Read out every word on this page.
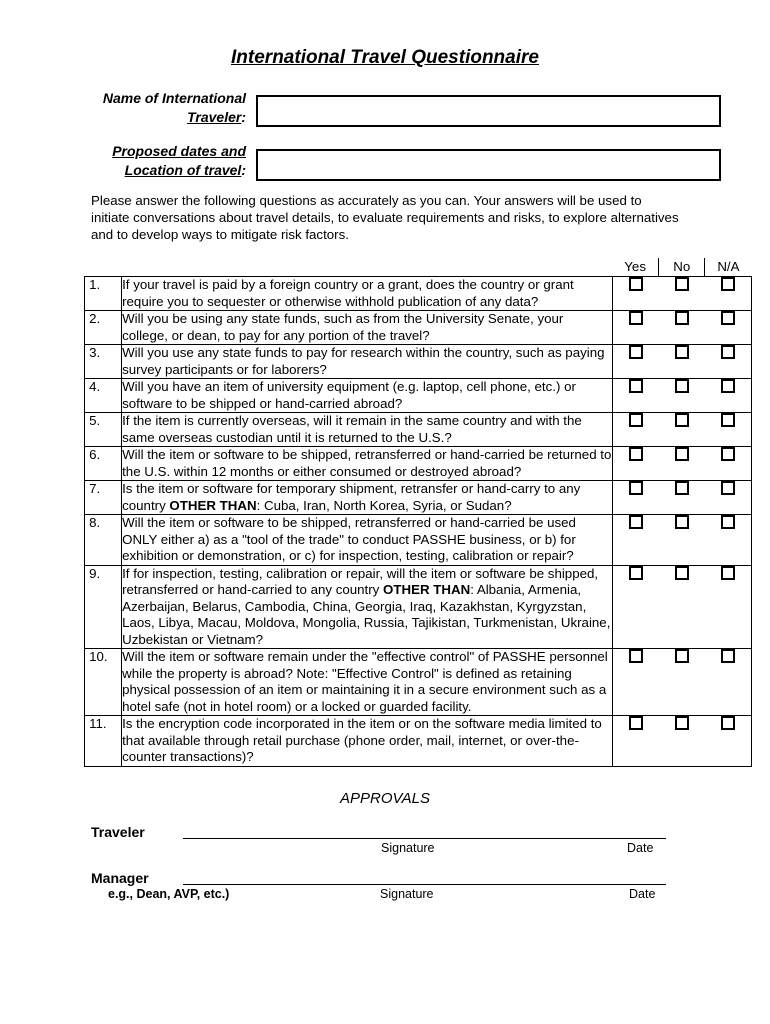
International Travel Questionnaire
Name of International
Traveler:
Proposed dates and
Location of travel:
Please answer the following questions as accurately as you can. Your answers will be used to initiate conversations about travel details, to evaluate requirements and risks, to explore alternatives and to develop ways to mitigate risk factors.
		Yes	No	N/A
1.	If your travel is paid by a foreign country or a grant, does the country or grant require you to sequester or otherwise withhold publication of any data?			
2.	Will you be using any state funds, such as from the University Senate, your college, or dean, to pay for any portion of the travel?			
3.	Will you use any state funds to pay for research within the country, such as paying survey participants or for laborers?			
4.	Will you have an item of university equipment (e.g. laptop, cell phone, etc.) or software to be shipped or hand-carried abroad?			
5.	If the item is currently overseas, will it remain in the same country and with the same overseas custodian until it is returned to the U.S.?			
6.	Will the item or software to be shipped, retransferred or hand-carried be returned to the U.S. within 12 months or either consumed or destroyed abroad?			
7.	Is the item or software for temporary shipment, retransfer or hand-carry to any country OTHER THAN: Cuba, Iran, North Korea, Syria, or Sudan?			
8.	Will the item or software to be shipped, retransferred or hand-carried be used ONLY either a) as a "tool of the trade" to conduct PASSHE business, or b) for exhibition or demonstration, or c) for inspection, testing, calibration or repair?			
9.	If for inspection, testing, calibration or repair, will the item or software be shipped, retransferred or hand-carried to any country OTHER THAN: Albania, Armenia, Azerbaijan, Belarus, Cambodia, China, Georgia, Iraq, Kazakhstan, Kyrgyzstan, Laos, Libya, Macau, Moldova, Mongolia, Russia, Tajikistan, Turkmenistan, Ukraine, Uzbekistan or Vietnam?			
10.	Will the item or software remain under the "effective control" of PASSHE personnel while the property is abroad? Note: "Effective Control" is defined as retaining physical possession of an item or maintaining it in a secure environment such as a hotel safe (not in hotel room) or a locked or guarded facility.			
11.	Is the encryption code incorporated in the item or on the software media limited to that available through retail purchase (phone order, mail, internet, or over-the-counter transactions)?			
APPROVALS
Traveler
Signature	Date
Manager
e.g., Dean, AVP, etc.)	Signature	Date
